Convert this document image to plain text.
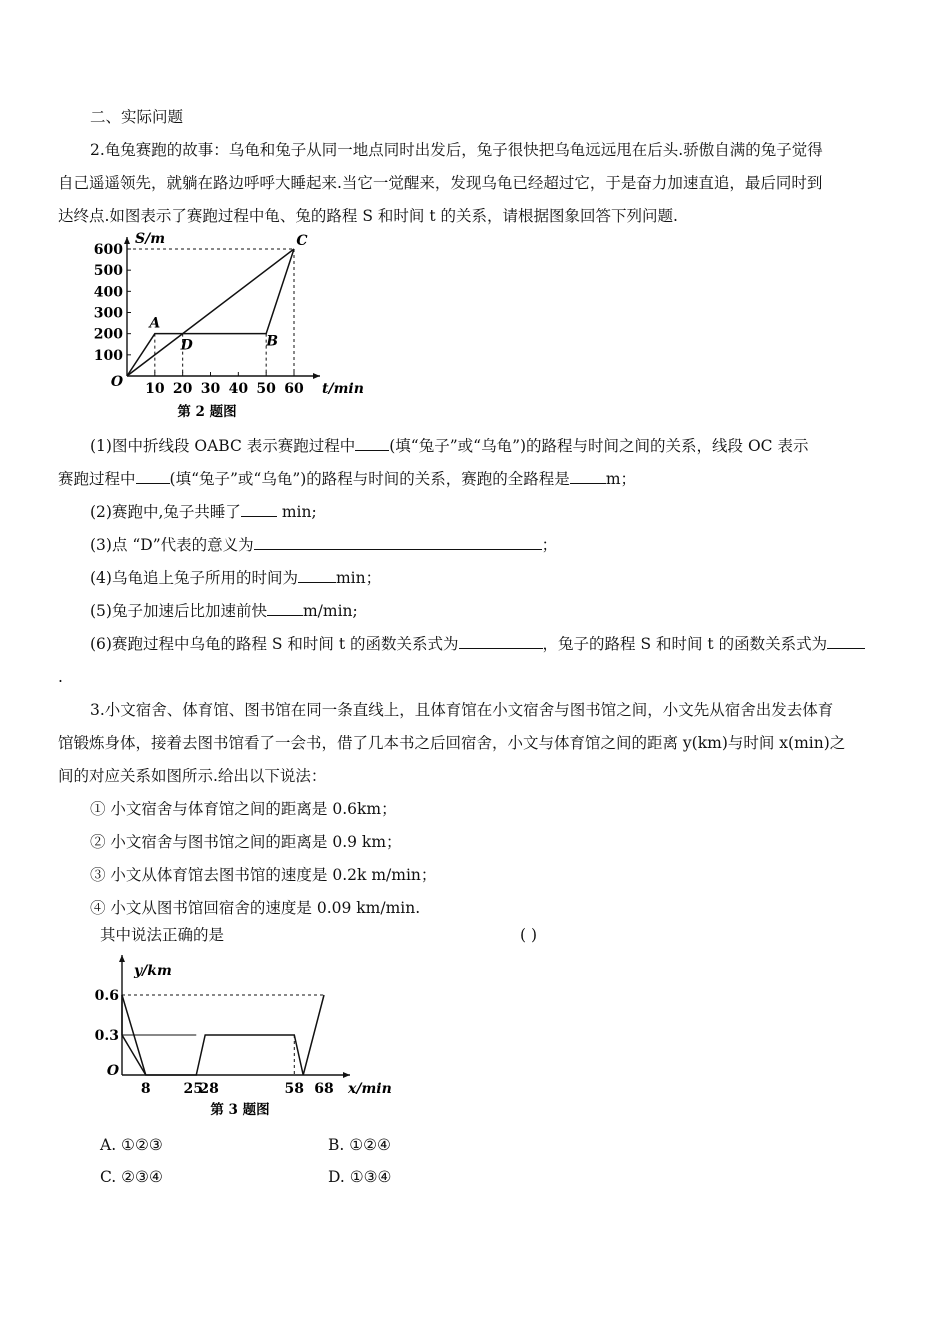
二、实际问题
2.龟兔赛跑的故事：乌龟和兔子从同一地点同时出发后，兔子很快把乌龟远远甩在后头.骄傲自满的兔子觉得
自己遥遥领先，就躺在路边呼呼大睡起来.当它一觉醒来，发现乌龟已经超过它，于是奋力加速直追，最后同时到
达终点.如图表示了赛跑过程中龟、兔的路程 S 和时间 t 的关系，请根据图象回答下列问题.
100
200
300
400
500
600
10 20 30 40 50 60
O	t/min
S/m
A
B
C
D
第 2 题图
(1)图中折线段 OABC 表示赛跑过程中 (填“兔子”或“乌龟”)的路程与时间之间的关系，线段 OC 表示
赛跑过程中 (填“兔子”或“乌龟”)的路程与时间的关系，赛跑的全路程是 m；
(2)赛跑中,兔子共睡了 min;
(3)点 “D”代表的意义为	；
(4)乌龟追上兔子所用的时间为 min；
(5)兔子加速后比加速前快 m/min;
(6)赛跑过程中乌龟的路程 S 和时间 t 的函数关系式为	，兔子的路程 S 和时间 t 的函数关系式为
.
3.小文宿舍、体育馆、图书馆在同一条直线上，且体育馆在小文宿舍与图书馆之间，小文先从宿舍出发去体育
馆锻炼身体，接着去图书馆看了一会书，借了几本书之后回宿舍，小文与体育馆之间的距离 y(km)与时间 x(min)之
间的对应关系如图所示.给出以下说法：
① 小文宿舍与体育馆之间的距离是 0.6km；
② 小文宿舍与图书馆之间的距离是 0.9 km；
③ 小文从体育馆去图书馆的速度是 0.2k m/min；
④ 小文从图书馆回宿舍的速度是 0.09 km/min.
其中说法正确的是	( )
0.3
0.6
8 25
28	58 68
O
x/min
y/km
第 3 题图
A. ①②③	B. ①②④
C. ②③④	D. ①③④
